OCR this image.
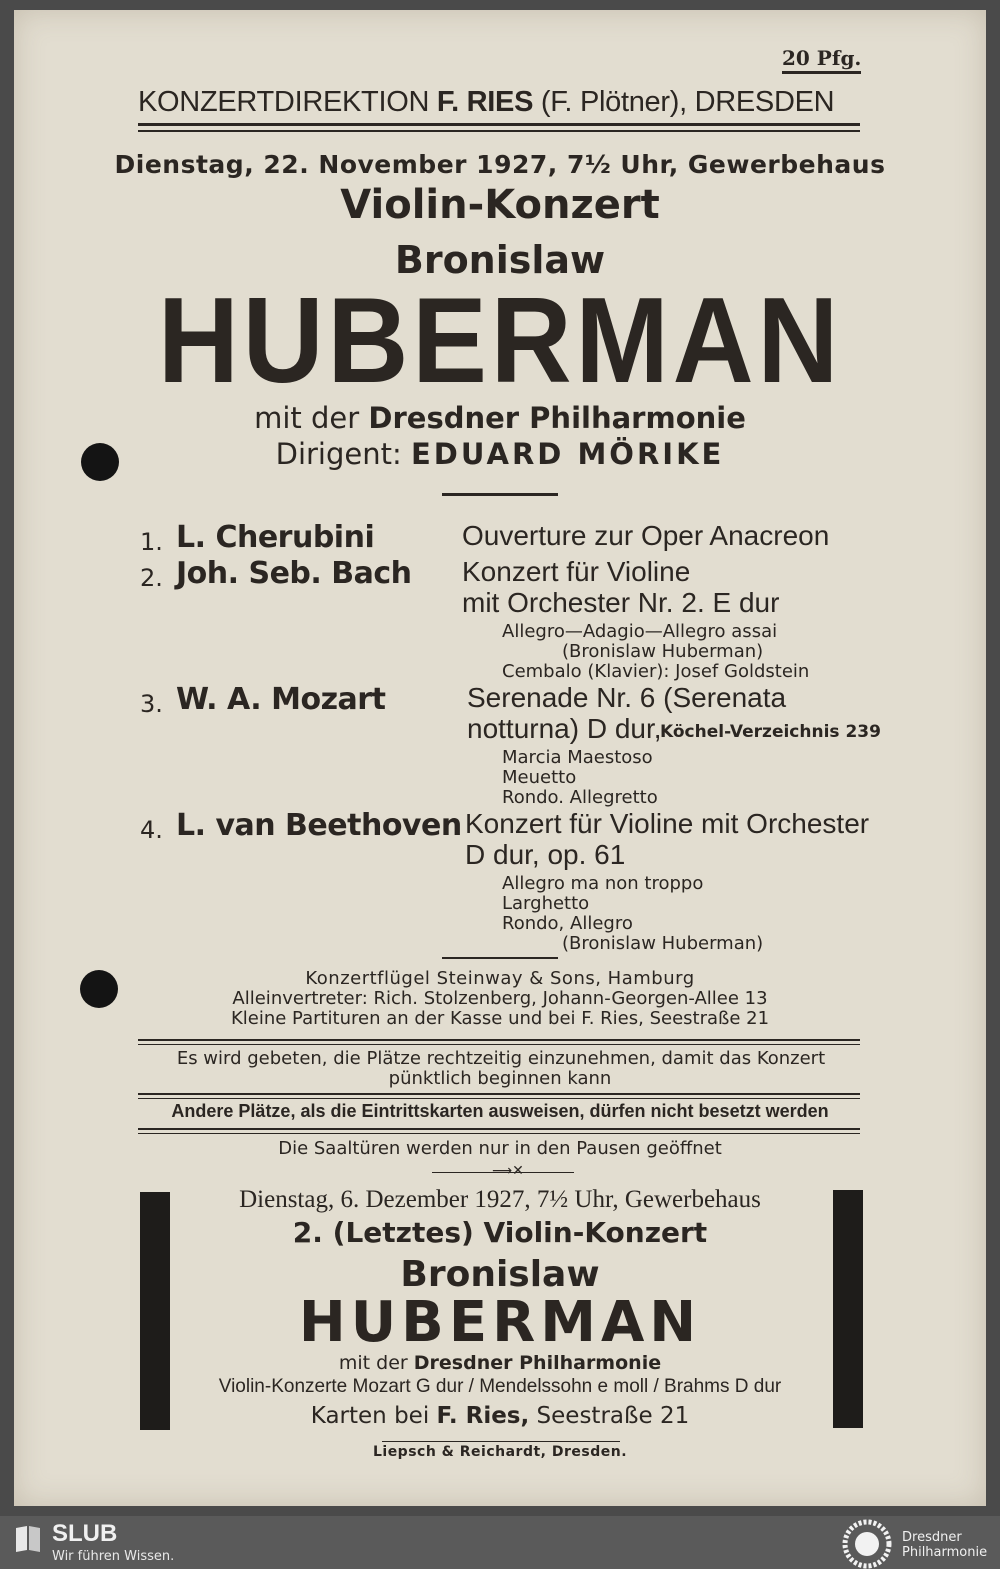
20 Pfg.
KONZERTDIREKTION F. RIES (F. Plötner), DRESDEN
Dienstag, 22. November 1927, 7½ Uhr, Gewerbehaus
Violin-Konzert
Bronislaw
HUBERMAN
mit der Dresdner Philharmonie
Dirigent: EDUARD MÖRIKE
1. L. Cherubini	Ouverture zur Oper Anacreon
2. Joh. Seb. Bach Konzert für Violine
mit Orchester Nr. 2. E dur
Allegro—Adagio—Allegro assai
(Bronislaw Huberman)
Cembalo (Klavier): Josef Goldstein
3. W. A. Mozart	Serenade Nr. 6 (Serenata
notturna) D dur,
Köchel-Verzeichnis 239
Marcia Maestoso
Meuetto
Rondo. Allegretto
4. L. van Beethoven Konzert für Violine mit Orchester
D dur, op. 61
Allegro ma non troppo
Larghetto
Rondo, Allegro
(Bronislaw Huberman)
Konzertflügel Steinway & Sons, Hamburg
Alleinvertreter: Rich. Stolzenberg, Johann-Georgen-Allee 13
Kleine Partituren an der Kasse und bei F. Ries, Seestraße 21
Es wird gebeten, die Plätze rechtzeitig einzunehmen, damit das Konzert
pünktlich beginnen kann
Andere Plätze, als die Eintrittskarten ausweisen, dürfen nicht besetzt werden
Die Saaltüren werden nur in den Pausen geöffnet
⟶✕
Dienstag, 6. Dezember 1927, 7½ Uhr, Gewerbehaus
2. (Letztes) Violin-Konzert
Bronislaw
HUBERMAN
mit der Dresdner Philharmonie
Violin-Konzerte Mozart G dur / Mendelssohn e moll / Brahms D dur
Karten bei F. Ries, Seestraße 21
Liepsch & Reichardt, Dresden.
SLUB
Wir führen Wissen.
Dresdner
Philharmonie
